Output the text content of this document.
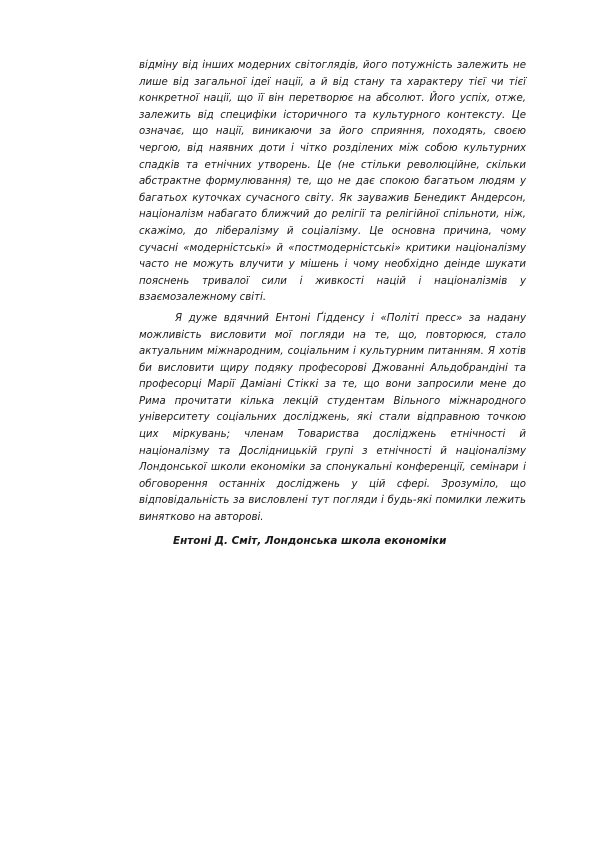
відміну від інших модерних світоглядів, його потужність залежить не лише від загальної ідеї нації, а й від стану та характеру тієї чи тієї конкретної нації, що її він перетворює на абсолют. Його успіх, отже, залежить від специфіки історичного та культурного контексту. Це означає, що нації, виникаючи за його сприяння, походять, своєю чергою, від наявних доти і чітко розділених між собою культурних спадків та етнічних утворень. Це (не стільки революційне, скільки абстрактне формулювання) те, що не дає спокою багатьом людям у багатьох куточках сучасного світу. Як зауважив Бенедикт Андерсон, націоналізм набагато ближчий до релігії та релігійної спільноти, ніж, скажімо, до лібералізму й соціалізму. Це основна причина, чому сучасні «модерністські» й «постмодерністські» критики націоналізму часто не можуть влучити у мішень і чому необхідно деінде шукати пояснень тривалої сили і живкості націй і націоналізмів у взаємозалежному світі.

Я дуже вдячний Ентоні Ґідденсу і «Політі пресс» за надану можливість висловити мої погляди на те, що, повторюся, стало актуальним міжнародним, соціальним і культурним питанням. Я хотів би висловити щиру подяку професорові Джованні Альдобрандіні та професорці Марії Даміані Стіккі за те, що вони запросили мене до Рима прочитати кілька лекцій студентам Вільного міжнародного університету соціальних досліджень, які стали відправною точкою цих міркувань; членам Товариства досліджень етнічності й націоналізму та Дослідницькій групі з етнічності й націоналізму Лондонської школи економіки за спонукальні конференції, семінари і обговорення останніх досліджень у цій сфері. Зрозуміло, що відповідальність за висловлені тут погляди і будь-які помилки лежить винятково на авторові.

Ентоні Д. Сміт, Лондонська школа економіки
